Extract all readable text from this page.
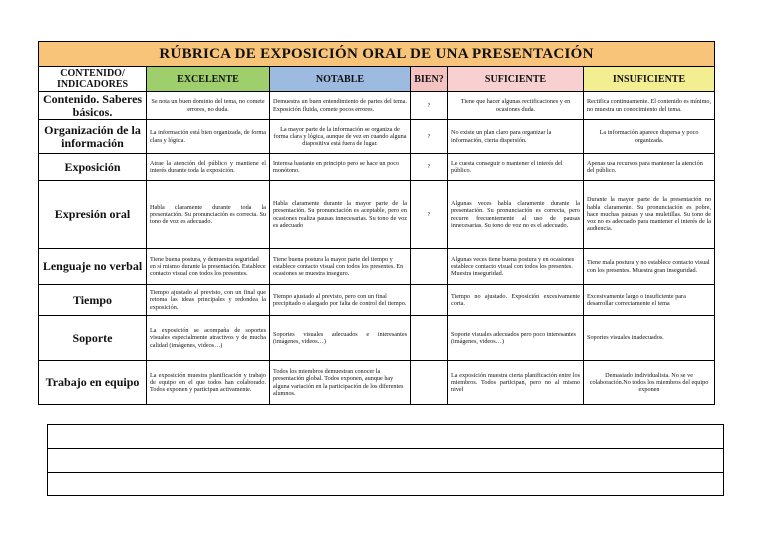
RÚBRICA DE EXPOSICIÓN ORAL DE UNA PRESENTACIÓN					
CONTENIDO/ INDICADORES	EXCELENTE	NOTABLE	BIEN?	SUFICIENTE	INSUFICIENTE
Contenido. Saberes básicos.	Se nota un buen dominio del tema, no comete errores, no duda.	Demuestra un buen entendimiento de partes del tema. Exposición fluida, comete pocos errores.	?	Tiene que hacer algunas rectificaciones y en ocasiones duda.	Rectifica continuamente. El contenido es mínimo, no muestra un conocimiento del tema.
Organización de la información	La información está bien organizada, de forma clara y lógica.	La mayor parte de la información se organiza de forma clara y lógica, aunque de vez en cuando alguna diapositiva está fuera de lugar.	?	No existe un plan claro para organizar la información, cierta dispersión.	La información aparece dispersa y poco organizada.
Exposición	Atrae la atención del público y mantiene el interés durante toda la exposición.	Interesa bastante en principio pero se hace un poco monótono.	?	Le cuesta conseguir o mantener el interés del público.	Apenas usa recursos para mantener la atención del público.
Expresión oral	Habla claramente durante toda la presentación. Su pronunciación es correcta. Su tono de voz es adecuado.	Habla claramente durante la mayor parte de la presentación. Su pronunciación es aceptable, pero en ocasiones realiza pausas innecesarias. Su tono de voz es adecuado	?	Algunas veces habla claramente durante la presentación. Su pronunciación es correcta, pero recurre frecuentemente al uso de pausas innecesarias. Su tono de voz no es el adecuado.	Durante la mayor parte de la presentación no habla claramente. Su pronunciación es pobre, hace muchas pausas y usa muletillas. Su tono de voz no es adecuado para mantener el interés de la audiencia.
Lenguaje no verbal	Tiene buena postura, y demuestra seguridad en sí mismo durante la presentación. Establece contacto visual con todos los presentes.	Tiene buena postura la mayor parte del tiempo y establece contacto visual con todos los presentes. En ocasiones se muestra inseguro.		Algunas veces tiene buena postura y en ocasiones establece contacto visual con todos los presentes. Muestra inseguridad.	Tiene mala postura y no establece contacto visual con los presentes. Muestra gran inseguridad.
Tiempo	Tiempo ajustado al previsto, con un final que retoma las ideas principales y redondea la exposición.	Tiempo ajustado al previsto, pero con un final precipitado o alargado por falta de control del tiempo.		Tiempo no ajustado. Exposición excesivamente corta.	Excesivamente largo o insuficiente para desarrollar correctamente el tema
Soporte	La exposición se acompaña de soportes visuales especialmente atractivos y de mucha calidad (imágenes, videos…)	Soportes visuales adecuados e interesantes (imágenes, videos…)		Soporte visuales adecuados pero poco interesantes (imágenes, videos…)	Soportes visuales inadecuados.
Trabajo en equipo	La exposición muestra planificación y trabajo de equipo en el que todos han colaborado. Todos exponen y participan activamente.	Todos los miembros demuestran conocer la presentación global. Todos exponen, aunque hay alguna variación en la participación de los diferentes alumnos.		La exposición muestra cierta planificación entre los miembros. Todos participan, pero no al mismo nivel	Demasiado individualista. No se ve colaboración.No todos los miembros del equipo exponen
